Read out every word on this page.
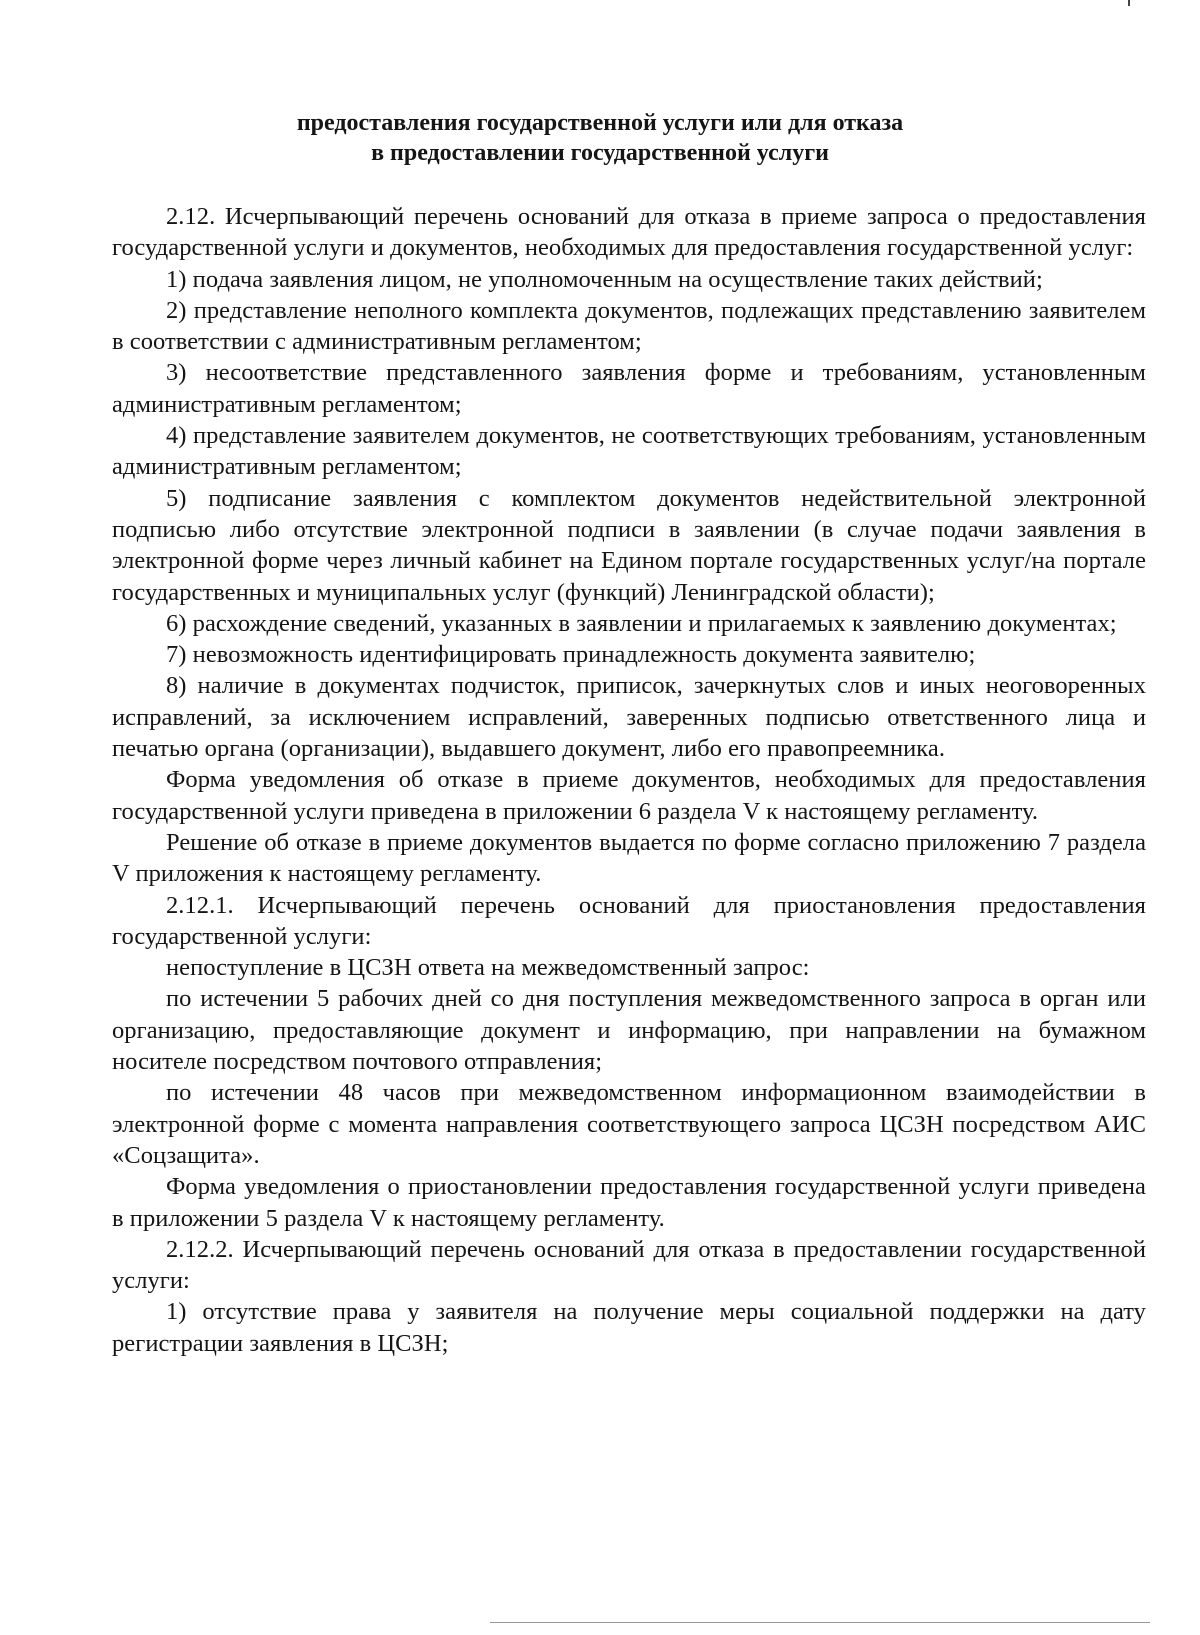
предоставления государственной услуги или для отказа
в предоставлении государственной услуги

2.12. Исчерпывающий перечень оснований для отказа в приеме запроса о предоставления государственной услуги и документов, необходимых для предоставления государственной услуг:

1) подача заявления лицом, не уполномоченным на осуществление таких действий;

2) представление неполного комплекта документов, подлежащих представлению заявителем в соответствии с административным регламентом;

3) несоответствие представленного заявления форме и требованиям, установленным административным регламентом;

4) представление заявителем документов, не соответствующих требованиям, установленным административным регламентом;

5) подписание заявления с комплектом документов недействительной электронной подписью либо отсутствие электронной подписи в заявлении (в случае подачи заявления в электронной форме через личный кабинет на Едином портале государственных услуг/на портале государственных и муниципальных услуг (функций) Ленинградской области);

6) расхождение сведений, указанных в заявлении и прилагаемых к заявлению документах;

7) невозможность идентифицировать принадлежность документа заявителю;

8) наличие в документах подчисток, приписок, зачеркнутых слов и иных неоговоренных исправлений, за исключением исправлений, заверенных подписью ответственного лица и печатью органа (организации), выдавшего документ, либо его правопреемника.

Форма уведомления об отказе в приеме документов, необходимых для предоставления государственной услуги приведена в приложении 6 раздела V к настоящему регламенту.

Решение об отказе в приеме документов выдается по форме согласно приложению 7 раздела V приложения к настоящему регламенту.

2.12.1. Исчерпывающий перечень оснований для приостановления предоставления государственной услуги:

непоступление в ЦСЗН ответа на межведомственный запрос:

по истечении 5 рабочих дней со дня поступления межведомственного запроса в орган или организацию, предоставляющие документ и информацию, при направлении на бумажном носителе посредством почтового отправления;

по истечении 48 часов при межведомственном информационном взаимодействии в электронной форме с момента направления соответствующего запроса ЦСЗН посредством АИС «Соцзащита».

Форма уведомления о приостановлении предоставления государственной услуги приведена в приложении 5 раздела V к настоящему регламенту.

2.12.2. Исчерпывающий перечень оснований для отказа в предоставлении государственной услуги:

1) отсутствие права у заявителя на получение меры социальной поддержки на дату регистрации заявления в ЦСЗН;
